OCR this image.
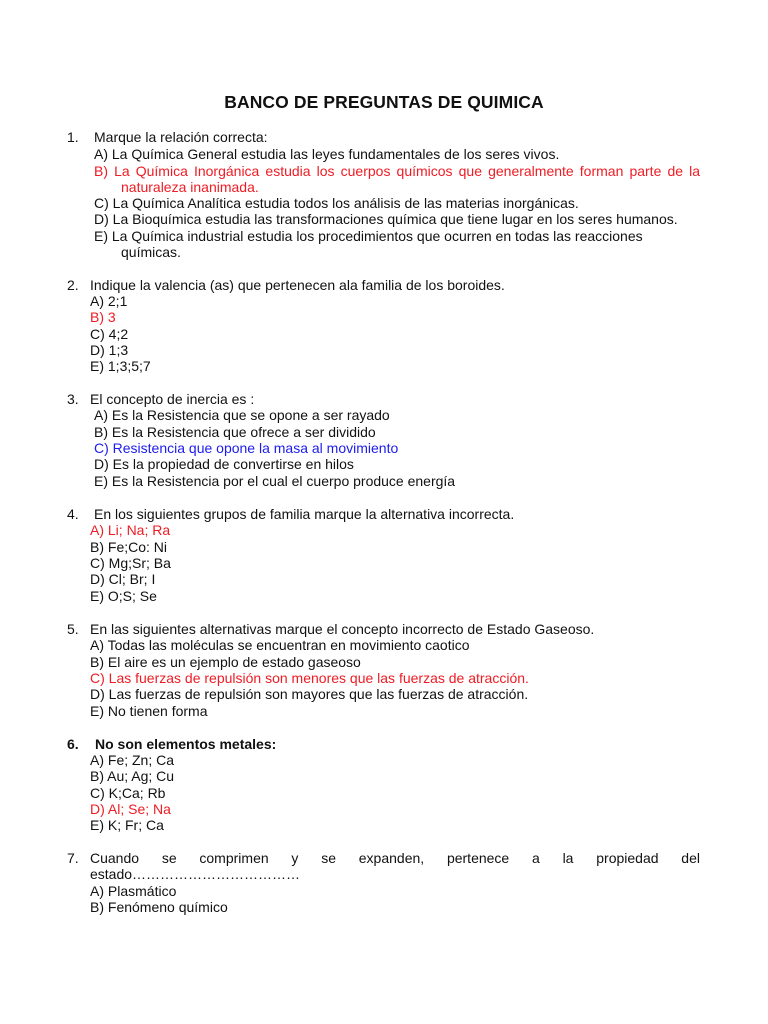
BANCO DE PREGUNTAS DE QUIMICA
1. Marque la relación correcta:
A) La Química General estudia las leyes fundamentales de los seres vivos.
B) La Química Inorgánica estudia los cuerpos químicos que generalmente forman parte de la
naturaleza inanimada.
C) La Química Analítica estudia todos los análisis de las materias inorgánicas.
D) La Bioquímica estudia las transformaciones química que tiene lugar en los seres humanos.
E) La Química industrial estudia los procedimientos que ocurren en todas las reacciones
químicas.
2. Indique la valencia (as) que pertenecen ala familia de los boroides.
A) 2;1
B) 3
C) 4;2
D) 1;3
E) 1;3;5;7
3. El concepto de inercia es :
A) Es la Resistencia que se opone a ser rayado
B) Es la Resistencia que ofrece a ser dividido
C) Resistencia que opone la masa al movimiento
D) Es la propiedad de convertirse en hilos
E) Es la Resistencia por el cual el cuerpo produce energía
4. En los siguientes grupos de familia marque la alternativa incorrecta.
A) Li; Na; Ra
B) Fe;Co: Ni
C) Mg;Sr; Ba
D) Cl; Br; I
E) O;S; Se
5. En las siguientes alternativas marque el concepto incorrecto de Estado Gaseoso.
A) Todas las moléculas se encuentran en movimiento caotico
B) El aire es un ejemplo de estado gaseoso
C) Las fuerzas de repulsión son menores que las fuerzas de atracción.
D) Las fuerzas de repulsión son mayores que las fuerzas de atracción.
E) No tienen forma
6. No son elementos metales:
A) Fe; Zn; Ca
B) Au; Ag; Cu
C) K;Ca; Rb
D) Al; Se; Na
E) K; Fr; Ca
7. Cuando se comprimen y se expanden, pertenece a la propiedad del
estado………………………………
A) Plasmático
B) Fenómeno químico
